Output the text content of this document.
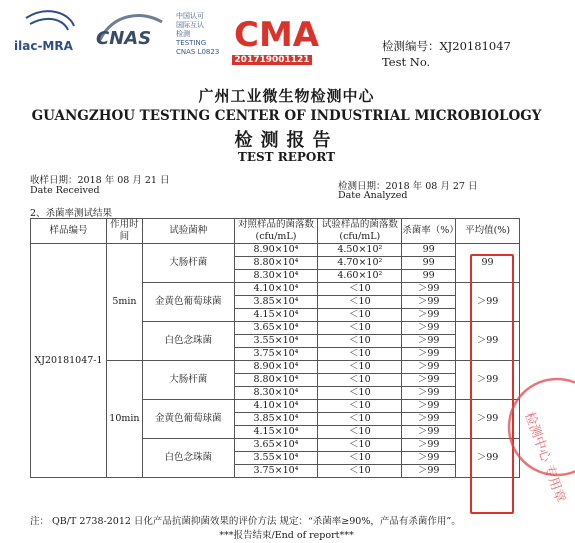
ilac-MRA CNAS
中国认可
国际互认
检测
TESTING
CNAS L0823 CMA
201719001121
检测编号：XJ20181047
Test No.
广州工业微生物检测中心
GUANGZHOU TESTING CENTER OF INDUSTRIAL MICROBIOLOGY
检测报告
TEST REPORT
收样日期：2018 年 08 月 21 日
Date Received	检测日期：2018 年 08 月 27 日
Date Analyzed
2、杀菌率测试结果
样品编号	作用时间	试验菌种	对照样品的菌落数(cfu/mL)	试验样品的菌落数(cfu/mL)	杀菌率（%）	平均值(%)
XJ20181047-1	5min	大肠杆菌	8.90×10⁴	4.50×10²	99	99
			8.80×10⁴	4.70×10²	99	
			8.30×10⁴	4.60×10²	99	
		金黄色葡萄球菌	4.10×10⁴	＜10	＞99	＞99
			3.85×10⁴	＜10	＞99	
			4.15×10⁴	＜10	＞99	
		白色念珠菌	3.65×10⁴	＜10	＞99	＞99
			3.55×10⁴	＜10	＞99	
			3.75×10⁴	＜10	＞99	
	10min	大肠杆菌	8.90×10⁴	＜10	＞99	＞99
			8.80×10⁴	＜10	＞99	
			8.30×10⁴	＜10	＞99	
		金黄色葡萄球菌	4.10×10⁴	＜10	＞99	＞99
			3.85×10⁴	＜10	＞99	
			4.15×10⁴	＜10	＞99	
		白色念珠菌	3.65×10⁴	＜10	＞99	＞99
			3.55×10⁴	＜10	＞99	
			3.75×10⁴	＜10	＞99		检测中心 专用章
注： QB/T 2738-2012 日化产品抗菌抑菌效果的评价方法 规定：“杀菌率≥90%，产品有杀菌作用”。
***报告结束/End of report***
